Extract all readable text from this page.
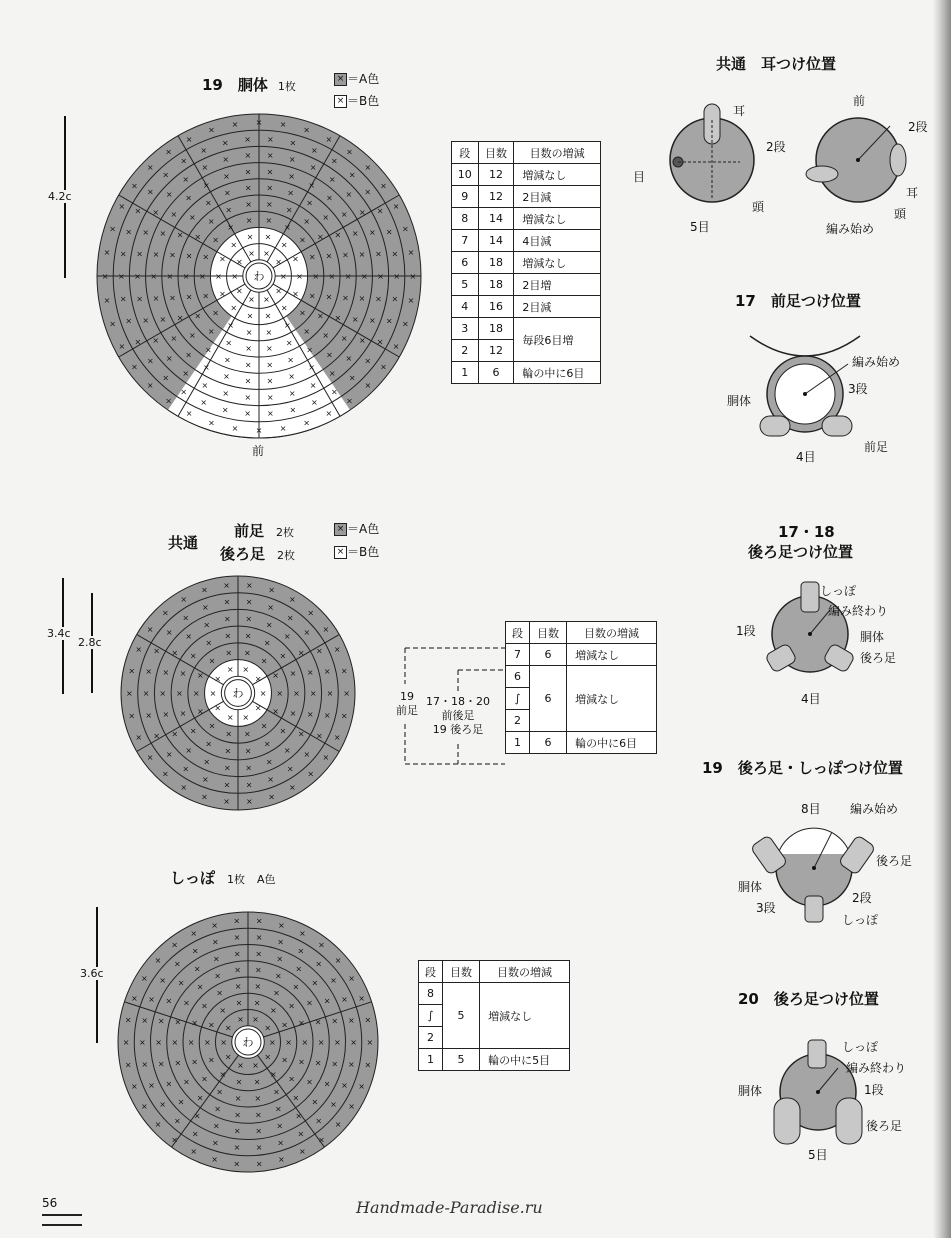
19　胴体 1枚
× ＝A色
× ＝B色
4.2c
×
×
×
×
×
×
×
× ×
×
×
×
×
×
×
×
×
×
×
×
× ×
×
×
×
×
×
×
×
×
×
×
×
×
×
×
×
× ×
×
×
×
×
×
×
×
×
×
×
×
×
×
×
×
×
×
×
×
× ×
×
×
×
×
×
×
×
×
×
×
×
×
×
×
×
×
×
×
×
×
×
×
×
× ×
×
×
×
×
×
×
×
×
×
×
×
×
×
×
×
×
×
×
×
×
×
×
×
×
×
×
×
× ×
×
×
×
×
×
×
×
×
×
×
×
×
×
×
×
×
×
×
×
×
×
×
×
×
×
×
×
×
×
×
× × × ×
×
×
×
×
×
×
×
×
×
×
×
×
×
×
×
×
×
×
×
×
×
×
×
×
×
×
×
×
×
×
×
×
×
× × × ×
×
×
×
×
×
×
×
×
×
×
×
×
×
×
×
×
×
×
×
×
×
×
×
×
×
×
×
×
×
×
×
×
×
×
×
×
× × ×
×
×
×
×
×
×
×
×
わ
前
段	目数	目数の増減
10	12	増減なし
9	12	2目減
8	14	増減なし
7	14	4目減
6	18	増減なし
5	18	2目増
4	16	2目減
3	18	毎段6目増
2	12	
1	6	輪の中に6目
共通
前足 2枚
後ろ足 2枚
× ＝A色
× ＝B色
3.4c
2.8c
×
×
×
×
×
×
×
× ×
×
×
×
×
×
×
×
×
×
×
×
× ×
×
×
×
×
×
×
×
×
×
×
×
×
×
×
×
× ×
×
×
×
×
×
×
×
×
×
×
×
×
×
×
×
×
×
×
×
× ×
×
×
×
×
×
×
×
×
×
×
×
×
×
×
×
×
×
×
×
×
×
×
×
× ×
×
×
×
×
×
×
×
×
×
×
×
×
×
×
×
×
×
×
×
×
×
×
×
×
×
×
×
× ×
×
×
×
×
×
×
わ	19
前足
17・18・20
前後足
19 後ろ足
段	目数	目数の増減
7	6	増減なし
6	6	増減なし
∫		
2		
1	6	輪の中に6目
しっぽ 1枚 A色
3.6c
×
×
×
×
×
×
×
× ×
×
×
×
×
×
×
×
×
×
×
×
× ×
×
×
×
×
×
×
×
×
×
×
×
×
×
×
×
× ×
×
×
×
×
×
×
×
×
×
×
×
×
×
×
×
×
×
×
×
× ×
×
×
×
×
×
×
×
×
×
×
×
×
×
×
×
×
×
×
×
×
×
×
×
× ×
×
×
×
×
×
×
×
×
×
×
×
×
×
×
×
×
×
×
×
×
×
×
×
×
×
×
×
× ×
×
×
×
×
×
×
×
×
×
×
×
×
×
×
×
×
×
×
×
×
×
×
×
×
×
×
×
×
×
×
× × × ×
×
×
×
×
×
×
わ
段	目数	目数の増減
8	5	増減なし
∫		
2		
1	5	輪の中に5目
共通　耳つけ位置
耳
2段
目
5目
頭
前
2段
耳
頭
編み始め
17　前足つけ位置
編み始め
胴体
3段
4目
前足
17・18
後ろ足つけ位置
しっぽ
編み終わり
1段	胴体
後ろ足
4目
19　後ろ足・しっぽつけ位置
8目 編み始め
後ろ足
胴体
3段
2段
しっぽ
20　後ろ足つけ位置
しっぽ
編み終わり
胴体	1段
後ろ足
5目
56	Handmade-Paradise.ru
